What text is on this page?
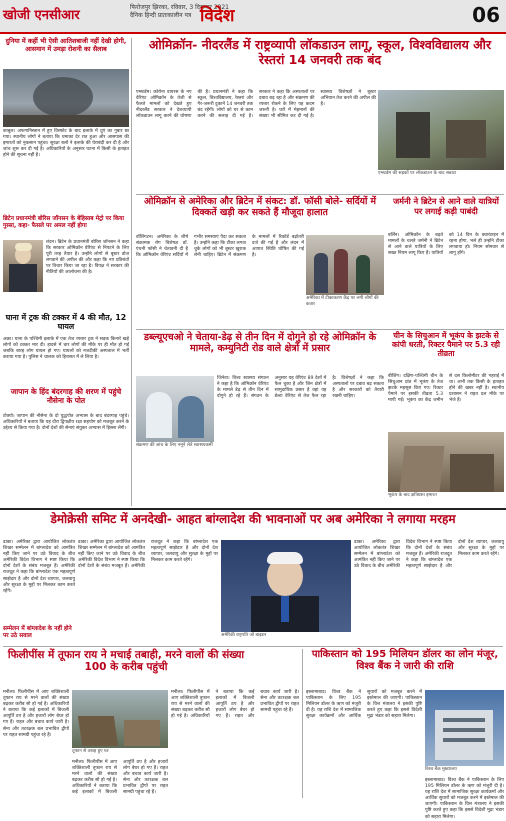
खोजी एनसीआर
फिरोजपुर झिरका, रविवार, 3 दिसम्बर 2021
दैनिक हिन्दी प्रातःकालीन पत्र विदेश	06
दुनिया में कहीं भी ऐसी आतिशबाजी नहीं देखी होगी, आसमान में उमड़ा रोशनी का सैलाब
काबुल। अफगानिस्तान में हुए विस्फोट के बाद इलाके में धुएं का गुबार छा गया। स्थानीय लोगों ने बताया कि धमाका देर रात हुआ और आसपास की इमारतों को नुकसान पहुंचा। सुरक्षा बलों ने इलाके की घेराबंदी कर दी है और जांच शुरू कर दी गई है। अधिकारियों के अनुसार घटना में किसी के हताहत होने की सूचना नहीं है।
ब्रिटेन प्रधानमंत्री बोरिस जॉनसन के बेहिसाब मेट्रो पर किया गुस्सा, कहा- फैसले पर अमल नहीं होगा
लंदन। ब्रिटेन के प्रधानमंत्री बोरिस जॉनसन ने कहा कि सरकार ओमिक्रॉन वेरिएंट से निपटने के लिए पूरी तरह तैयार है। उन्होंने लोगों से बूस्टर डोज लगवाने की अपील की और कहा कि नए प्रतिबंधों पर विचार किया जा रहा है। विपक्ष ने सरकार की नीतियों की आलोचना की है।
घाना में ट्रक की टक्कर में 4 की मौत, 12 घायल
अक्रा। घाना के पश्चिमी इलाके में एक तेज रफ्तार ट्रक ने सड़क किनारे खड़े लोगों को टक्कर मार दी। हादसे में चार लोगों की मौके पर ही मौत हो गई जबकि बारह लोग घायल हो गए। घायलों को नजदीकी अस्पताल में भर्ती कराया गया है। पुलिस ने चालक को हिरासत में ले लिया है।
जापान के हिंद बंदरगाह की शरण में पहुंचे नौसेना के पोत
टोक्यो। जापान की नौसेना के दो युद्धपोत अभ्यास के बाद बंदरगाह पहुंचे। अधिकारियों ने बताया कि यह दौरा द्विपक्षीय रक्षा सहयोग को मजबूत करने के उद्देश्य से किया गया है। दोनों देशों की सेनाएं संयुक्त अभ्यास में हिस्सा लेंगी।
ओमिक्रॉन- नीदरलैंड में राष्ट्रव्यापी लॉकडाउन लागू, स्कूल, विश्वविद्यालय और रेस्तरां 14 जनवरी तक बंद
एम्स्टर्डम। कोरोना वायरस के नए वेरिएंट ओमिक्रॉन के तेजी से फैलते मामलों को देखते हुए नीदरलैंड सरकार ने देशव्यापी लॉकडाउन लागू करने की घोषणा की है। प्रधानमंत्री ने कहा कि स्कूल, विश्वविद्यालय, रेस्तरां और गैर-जरूरी दुकानें 14 जनवरी तक बंद रहेंगी। लोगों को घर से काम करने की सलाह दी गई है। सरकार ने कहा कि अस्पतालों पर दबाव बढ़ रहा है और संक्रमण की रफ्तार रोकने के लिए यह कदम जरूरी है। घरों में मेहमानों की संख्या भी सीमित कर दी गई है। स्वास्थ्य विशेषज्ञों ने बूस्टर अभियान तेज करने की अपील की है।
एम्स्टर्डम की सड़कों पर लॉकडाउन के बाद सन्नाटा
ओमिक्रॉन से अमेरिका और ब्रिटेन में संकट: डॉ. फॉसी बोले- सर्दियों में दिक्कतें खड़ी कर सकते हैं मौजूदा हालात
वॉशिंगटन। अमेरिका के शीर्ष संक्रामक रोग विशेषज्ञ डॉ. एंथनी फॉसी ने चेतावनी दी है कि ओमिक्रॉन वेरिएंट सर्दियों में गंभीर समस्याएं पैदा कर सकता है। उन्होंने कहा कि टीका लगवा चुके लोगों को भी बूस्टर खुराक लेनी चाहिए। ब्रिटेन में संक्रमण के मामलों में रिकॉर्ड बढ़ोतरी दर्ज की गई है और लंदन में आपात स्थिति घोषित की गई है।
अमेरिका में टीकाकरण केंद्र पर लगी लोगों की कतार
जर्मनी ने ब्रिटेन से आने वाले यात्रियों पर लगाई कड़ी पाबंदी
बर्लिन। ओमिक्रॉन के बढ़ते मामलों के चलते जर्मनी ने ब्रिटेन से आने वाले यात्रियों के लिए सख्त नियम लागू किए हैं। यात्रियों को 14 दिन के क्वारंटाइन में रहना होगा, भले ही उन्होंने टीका लगवाया हो। नियम सोमवार से लागू होंगे।
डब्ल्यूएचओ ने चेताया-डेढ़ से तीन दिन में दोगुने हो रहे ओमिक्रॉन के मामले, कम्युनिटी रोड वाले क्षेत्रों में प्रसार
संक्रमण की जांच के लिए नमूने लेते स्वास्थ्यकर्मी
जिनेवा। विश्व स्वास्थ्य संगठन ने कहा है कि ओमिक्रॉन वेरिएंट के मामले डेढ़ से तीन दिन में दोगुने हो रहे हैं। संगठन के अनुसार यह वेरिएंट 89 देशों में फैल चुका है और जिन क्षेत्रों में सामुदायिक प्रसार है वहां यह डेल्टा वेरिएंट से तेज फैल रहा है। विशेषज्ञों ने कहा कि अस्पतालों पर दबाव बढ़ सकता है और सरकारों को तैयारी रखनी चाहिए।
चीन के सिचुआन में भूकंप के झटके से कांपी धरती, रिक्टर पैमाने पर 5.3 रही तीव्रता
बीजिंग। दक्षिण-पश्चिमी चीन के सिचुआन प्रांत में भूकंप के तेज झटके महसूस किए गए। रिक्टर पैमाने पर इसकी तीव्रता 5.3 मापी गई। भूकंप का केंद्र जमीन से दस किलोमीटर की गहराई में था। अभी तक किसी के हताहत होने की खबर नहीं है। स्थानीय प्रशासन ने राहत दल मौके पर भेजे हैं।
भूकंप के बाद क्षतिग्रस्त इमारत
डेमोक्रेसी समिट में अनदेखी- आहत बांग्लादेश की भावनाओं पर अब अमेरिका ने लगाया मरहम
ढाका। अमेरिका द्वारा आयोजित लोकतंत्र शिखर सम्मेलन में बांग्लादेश को आमंत्रित नहीं किए जाने पर उठे विवाद के बीच अमेरिकी विदेश विभाग ने स्पष्ट किया कि दोनों देशों के संबंध मजबूत हैं। अमेरिकी राजदूत ने कहा कि बांग्लादेश एक महत्वपूर्ण साझेदार है और दोनों देश व्यापार, जलवायु और सुरक्षा के मुद्दों पर मिलकर काम करते रहेंगे।
सम्मेलन में बांग्लादेश के नहीं होने पर उठे सवाल
ढाका। अमेरिका द्वारा आयोजित लोकतंत्र शिखर सम्मेलन में बांग्लादेश को आमंत्रित नहीं किए जाने पर उठे विवाद के बीच अमेरिकी विदेश विभाग ने स्पष्ट किया कि दोनों देशों के संबंध मजबूत हैं। अमेरिकी राजदूत ने कहा कि बांग्लादेश एक महत्वपूर्ण साझेदार है और दोनों देश व्यापार, जलवायु और सुरक्षा के मुद्दों पर मिलकर काम करते रहेंगे।
अमेरिकी राष्ट्रपति जो बाइडन
ढाका। अमेरिका द्वारा आयोजित लोकतंत्र शिखर सम्मेलन में बांग्लादेश को आमंत्रित नहीं किए जाने पर उठे विवाद के बीच अमेरिकी विदेश विभाग ने स्पष्ट किया कि दोनों देशों के संबंध मजबूत हैं। अमेरिकी राजदूत ने कहा कि बांग्लादेश एक महत्वपूर्ण साझेदार है और दोनों देश व्यापार, जलवायु और सुरक्षा के मुद्दों पर मिलकर काम करते रहेंगे।
फिलीपींस में तूफान राय ने मचाई तबाही, मरने वालों की संख्या 100 के करीब पहुंची
मनीला। फिलीपींस में आए शक्तिशाली तूफान राय से मरने वालों की संख्या बढ़कर करीब सौ हो गई है। अधिकारियों ने बताया कि कई इलाकों में बिजली आपूर्ति ठप है और हजारों लोग बेघर हो गए हैं। राहत और बचाव कार्य जारी है। सेना और तटरक्षक बल प्रभावित द्वीपों पर राहत सामग्री पहुंचा रहे हैं।
तूफान से तबाह हुए घर
मनीला। फिलीपींस में आए शक्तिशाली तूफान राय से मरने वालों की संख्या बढ़कर करीब सौ हो गई है। अधिकारियों ने बताया कि कई इलाकों में बिजली आपूर्ति ठप है और हजारों लोग बेघर हो गए हैं। राहत और बचाव कार्य जारी है। सेना और तटरक्षक बल प्रभावित द्वीपों पर राहत सामग्री पहुंचा रहे हैं।
मनीला। फिलीपींस में आए शक्तिशाली तूफान राय से मरने वालों की संख्या बढ़कर करीब सौ हो गई है। अधिकारियों ने बताया कि कई इलाकों में बिजली आपूर्ति ठप है और हजारों लोग बेघर हो गए हैं। राहत और बचाव कार्य जारी है। सेना और तटरक्षक बल प्रभावित द्वीपों पर राहत सामग्री पहुंचा रहे हैं।
पाकिस्तान को 195 मिलियन डॉलर का लोन मंजूर, विश्व बैंक ने जारी की राशि
इस्लामाबाद। विश्व बैंक ने पाकिस्तान के लिए 195 मिलियन डॉलर के ऋण को मंजूरी दी है। यह राशि देश में सामाजिक सुरक्षा कार्यक्रमों और आर्थिक सुधारों को मजबूत करने में इस्तेमाल की जाएगी। पाकिस्तान के वित्त मंत्रालय ने इसकी पुष्टि करते हुए कहा कि इससे विदेशी मुद्रा भंडार को सहारा मिलेगा।
विश्व बैंक मुख्यालय
इस्लामाबाद। विश्व बैंक ने पाकिस्तान के लिए 195 मिलियन डॉलर के ऋण को मंजूरी दी है। यह राशि देश में सामाजिक सुरक्षा कार्यक्रमों और आर्थिक सुधारों को मजबूत करने में इस्तेमाल की जाएगी। पाकिस्तान के वित्त मंत्रालय ने इसकी पुष्टि करते हुए कहा कि इससे विदेशी मुद्रा भंडार को सहारा मिलेगा।
